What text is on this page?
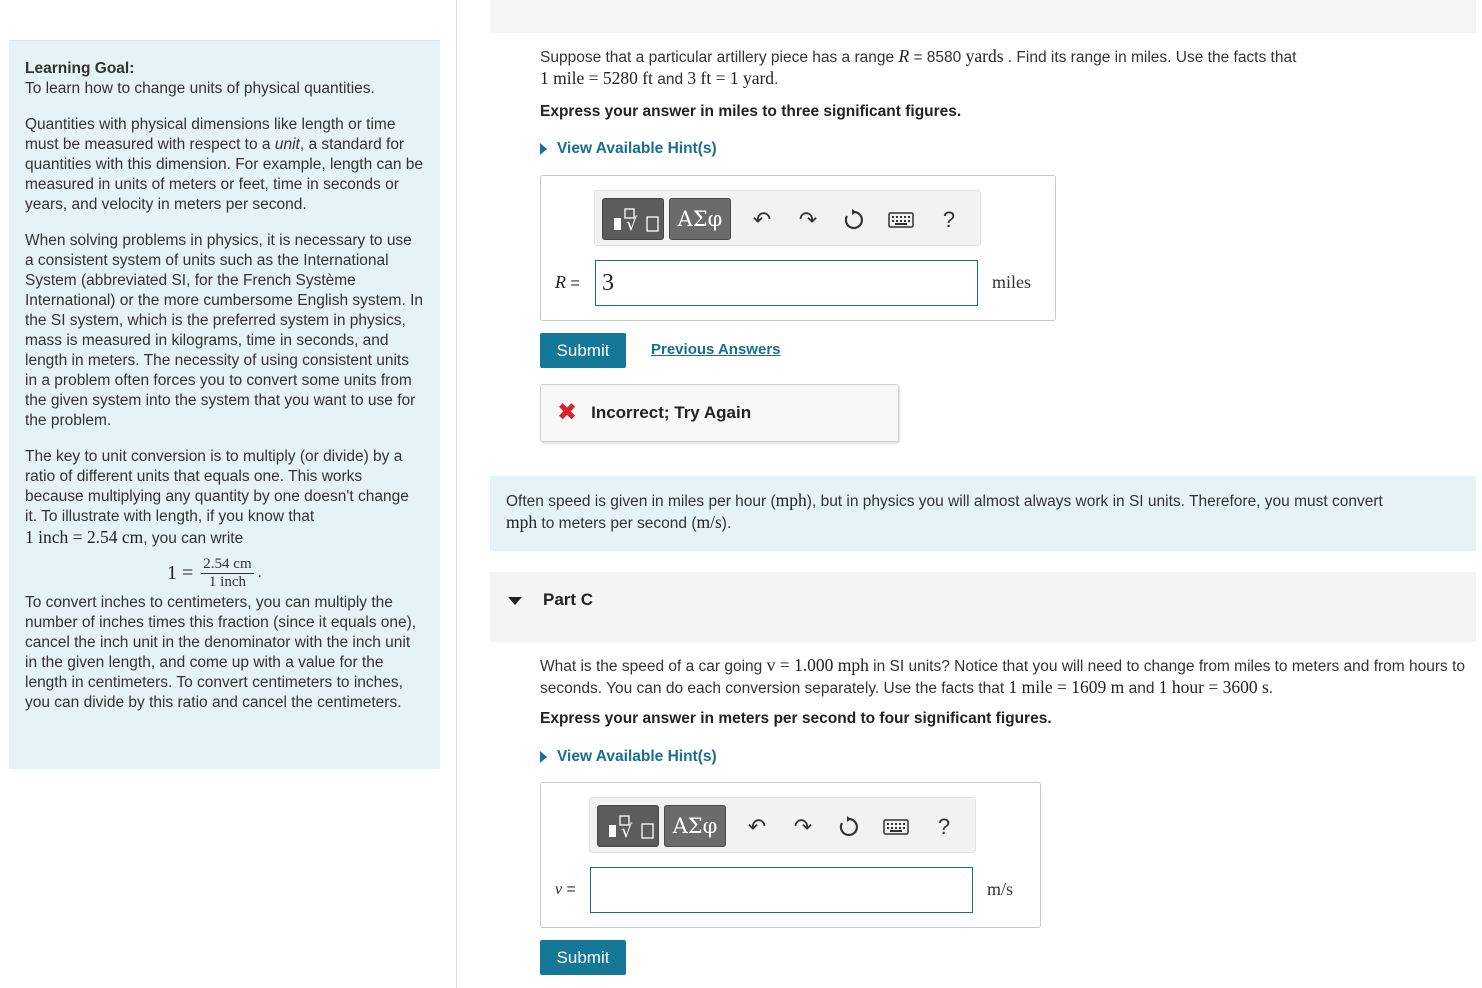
Learning Goal:

To learn how to change units of physical quantities.

Quantities with physical dimensions like length or time must be measured with respect to a unit, a standard for quantities with this dimension. For example, length can be measured in units of meters or feet, time in seconds or years, and velocity in meters per second.

When solving problems in physics, it is necessary to use a consistent system of units such as the International System (abbreviated SI, for the French Système International) or the more cumbersome English system. In the SI system, which is the preferred system in physics, mass is measured in kilograms, time in seconds, and length in meters. The necessity of using consistent units in a problem often forces you to convert some units from the given system into the system that you want to use for the problem.

The key to unit conversion is to multiply (or divide) by a ratio of different units that equals one. This works because multiplying any quantity by one doesn't change it. To illustrate with length, if you know that
1 inch = 2.54 cm, you can write

$1 = \frac{2.54 cm}{\text{1 inch}}$ .

To convert inches to centimeters, you can multiply the number of inches times this fraction (since it equals one), cancel the inch unit in the denominator with the inch unit in the given length, and come up with a value for the length in centimeters. To convert centimeters to inches, you can divide by this ratio and cancel the centimeters.

Suppose that a particular artillery piece has a range R = 8580 yards . Find its range in miles. Use the facts that
1 mile = 5280 ft and 3 ft = 1 yard.
Express your answer in miles to three significant figures.
View Available Hint(s)
√	ΑΣφ	↶ ↷	?
R = 3	miles
Submit	Previous Answers
✖ Incorrect; Try Again
Often speed is given in miles per hour (mph), but in physics you will almost always work in SI units. Therefore, you must convert
mph to meters per second (m/s).
Part C
What is the speed of a car going v = 1.000 mph in SI units? Notice that you will need to change from miles to meters and from hours to seconds. You can do each conversion separately. Use the facts that 1 mile = 1609 m and 1 hour = 3600 s.
Express your answer in meters per second to four significant figures.
View Available Hint(s)
√	ΑΣφ	↶ ↷	?
v =	m/s
Submit
